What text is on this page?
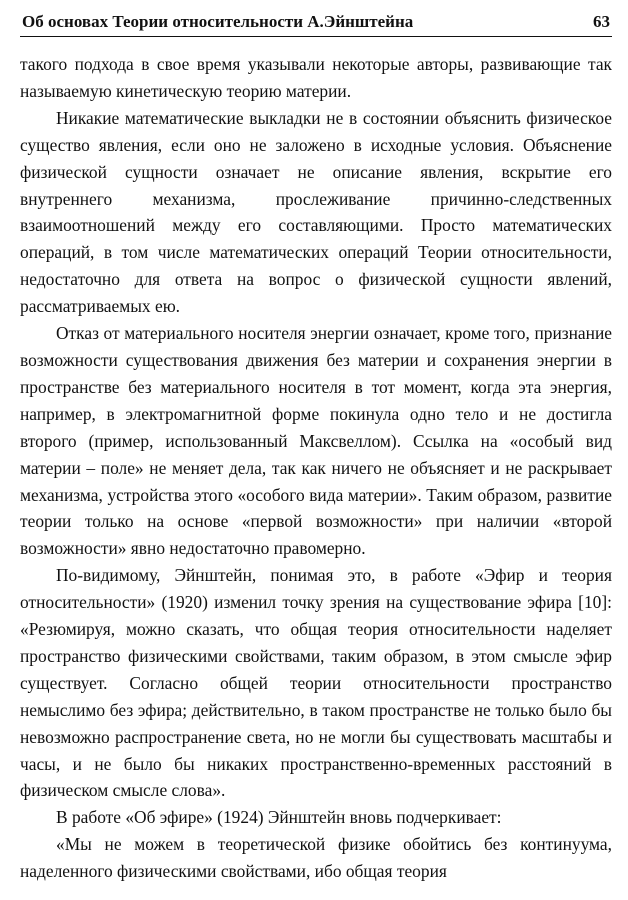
Об основах Теории относительности А.Эйнштейна	63

такого подхода в свое время указывали некоторые авторы, развивающие так называемую кинетическую теорию материи.

Никакие математические выкладки не в состоянии объяснить физическое существо явления, если оно не заложено в исходные условия. Объяснение физической сущности означает не описание явления, вскрытие его внутреннего механизма, прослеживание причинно-следственных взаимоотношений между его составляющими. Просто математических операций, в том числе математических операций Теории относительности, недостаточно для ответа на вопрос о физической сущности явлений, рассматриваемых ею.

Отказ от материального носителя энергии означает, кроме того, признание возможности существования движения без материи и сохранения энергии в пространстве без материального носителя в тот момент, когда эта энергия, например, в электромагнитной форме покинула одно тело и не достигла второго (пример, использованный Максвеллом). Ссылка на «особый вид материи – поле» не меняет дела, так как ничего не объясняет и не раскрывает механизма, устройства этого «особого вида материи». Таким образом, развитие теории только на основе «первой возможности» при наличии «второй возможности» явно недостаточно правомерно.

По-видимому, Эйнштейн, понимая это, в работе «Эфир и теория относительности» (1920) изменил точку зрения на существование эфира [10]: «Резюмируя, можно сказать, что общая теория относительности наделяет пространство физическими свойствами, таким образом, в этом смысле эфир существует. Согласно общей теории относительности пространство немыслимо без эфира; действительно, в таком пространстве не только было бы невозможно распространение света, но не могли бы существовать масштабы и часы, и не было бы никаких пространственно-временных расстояний в физическом смысле слова».

В работе «Об эфире» (1924) Эйнштейн вновь подчеркивает:

«Мы не можем в теоретической физике обойтись без континуума, наделенного физическими свойствами, ибо общая теория
